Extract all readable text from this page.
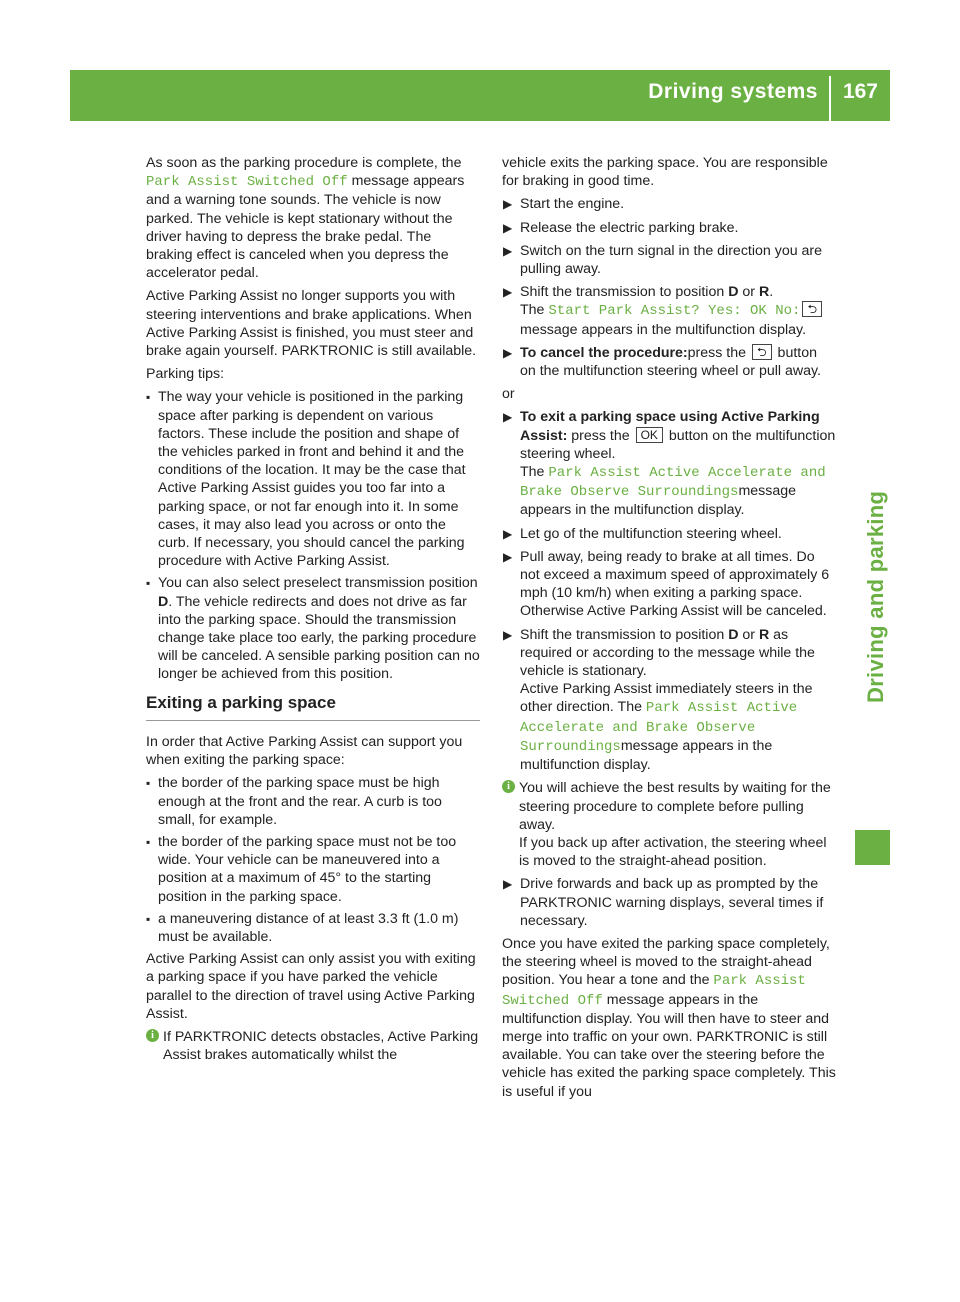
Driving systems 167
Driving and parking

As soon as the parking procedure is complete, the Park Assist Switched Off message appears and a warning tone sounds. The vehicle is now parked. The vehicle is kept stationary without the driver having to depress the brake pedal. The braking effect is canceled when you depress the accelerator pedal.

Active Parking Assist no longer supports you with steering interventions and brake applications. When Active Parking Assist is finished, you must steer and brake again yourself. PARKTRONIC is still available.

Parking tips:

▪ The way your vehicle is positioned in the parking space after parking is dependent on various factors. These include the position and shape of the vehicles parked in front and behind it and the conditions of the location. It may be the case that Active Parking Assist guides you too far into a parking space, or not far enough into it. In some cases, it may also lead you across or onto the curb. If necessary, you should cancel the parking procedure with Active Parking Assist.
▪ You can also select preselect transmission position D. The vehicle redirects and does not drive as far into the parking space. Should the transmission change take place too early, the parking procedure will be canceled. A sensible parking position can no longer be achieved from this position.
Exiting a parking space

In order that Active Parking Assist can support you when exiting the parking space:

▪ the border of the parking space must be high enough at the front and the rear. A curb is too small, for example.
▪ the border of the parking space must not be too wide. Your vehicle can be maneuvered into a position at a maximum of 45° to the starting position in the parking space.
▪ a maneuvering distance of at least 3.3 ft (1.0 m) must be available.

Active Parking Assist can only assist you with exiting a parking space if you have parked the vehicle parallel to the direction of travel using Active Parking Assist.

i If PARKTRONIC detects obstacles, Active Parking Assist brakes automatically whilst the

vehicle exits the parking space. You are responsible for braking in good time.

▶ Start the engine.
▶ Release the electric parking brake.
▶ Switch on the turn signal in the direction you are pulling away.
▶ Shift the transmission to position D or R.
The Start Park Assist? Yes: OK No: ⮌ message appears in the multifunction display.
▶ To cancel the procedure:press the ⮌ button on the multifunction steering wheel or pull away.

or

▶ To exit a parking space using Active Parking Assist: press the OK button on the multifunction steering wheel.
The Park Assist Active Accelerate and Brake Observe Surroundingsmessage appears in the multifunction display.
▶ Let go of the multifunction steering wheel.
▶ Pull away, being ready to brake at all times. Do not exceed a maximum speed of approximately 6 mph (10 km/h) when exiting a parking space. Otherwise Active Parking Assist will be canceled.
▶ Shift the transmission to position D or R as required or according to the message while the vehicle is stationary.
Active Parking Assist immediately steers in the other direction. The Park Assist Active Accelerate and Brake Observe Surroundingsmessage appears in the multifunction display.
i You will achieve the best results by waiting for the steering procedure to complete before pulling away.
If you back up after activation, the steering wheel is moved to the straight-ahead position.
▶ Drive forwards and back up as prompted by the PARKTRONIC warning displays, several times if necessary.

Once you have exited the parking space completely, the steering wheel is moved to the straight-ahead position. You hear a tone and the Park Assist Switched Off message appears in the multifunction display. You will then have to steer and merge into traffic on your own. PARKTRONIC is still available. You can take over the steering before the vehicle has exited the parking space completely. This is useful if you
